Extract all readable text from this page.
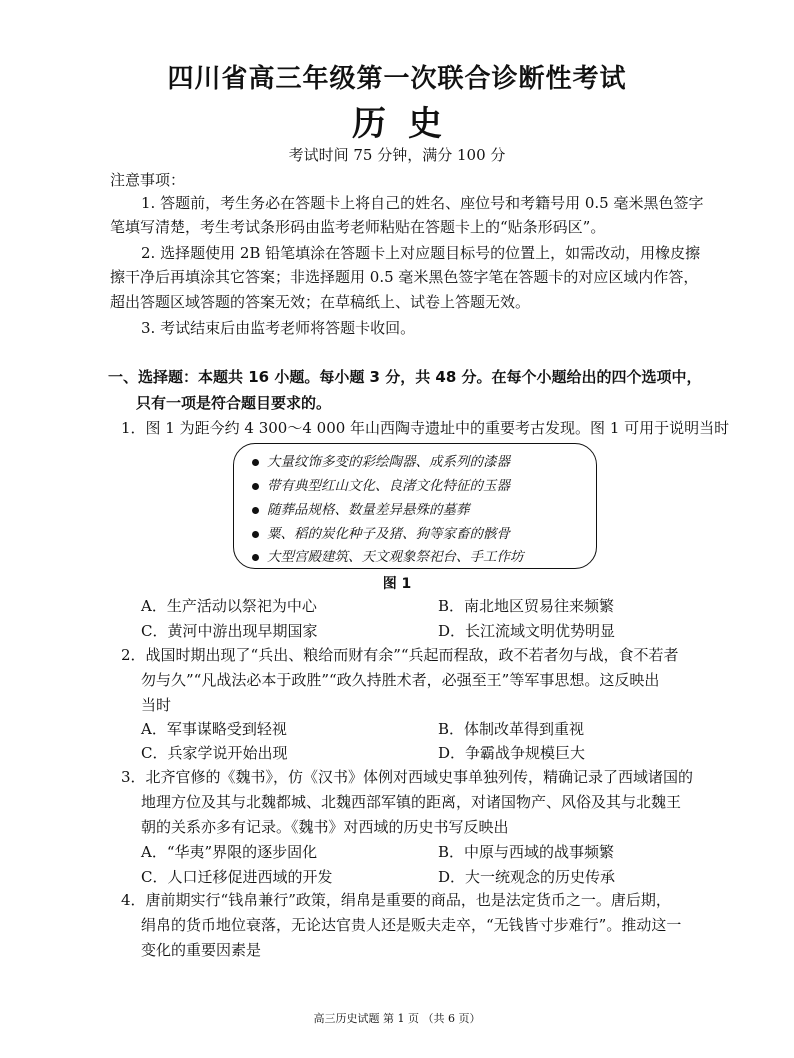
四川省高三年级第一次联合诊断性考试
历史
考试时间 75 分钟，满分 100 分
注意事项：
1. 答题前，考生务必在答题卡上将自己的姓名、座位号和考籍号用 0.5 毫米黑色签字
笔填写清楚，考生考试条形码由监考老师粘贴在答题卡上的“贴条形码区”。
2. 选择题使用 2B 铅笔填涂在答题卡上对应题目标号的位置上，如需改动，用橡皮擦
擦干净后再填涂其它答案；非选择题用 0.5 毫米黑色签字笔在答题卡的对应区域内作答，
超出答题区域答题的答案无效；在草稿纸上、试卷上答题无效。
3. 考试结束后由监考老师将答题卡收回。
一、选择题：本题共 16 小题。每小题 3 分，共 48 分。在每个小题给出的四个选项中，
只有一项是符合题目要求的。
1．图 1 为距今约 4 300～4 000 年山西陶寺遗址中的重要考古发现。图 1 可用于说明当时
大量纹饰多变的彩绘陶器、成系列的漆器
带有典型红山文化、良渚文化特征的玉器
随葬品规格、数量差异悬殊的墓葬
粟、稻的炭化种子及猪、狗等家畜的骸骨
大型宫殿建筑、天文观象祭祀台、手工作坊
图 1
A．生产活动以祭祀为中心	B．南北地区贸易往来频繁
C．黄河中游出现早期国家	D．长江流域文明优势明显
2．战国时期出现了“兵出、粮给而财有余”“兵起而程敌，政不若者勿与战，食不若者
勿与久”“凡战法必本于政胜”“政久持胜术者，必强至王”等军事思想。这反映出
当时
A．军事谋略受到轻视	B．体制改革得到重视
C．兵家学说开始出现	D．争霸战争规模巨大
3．北齐官修的《魏书》，仿《汉书》体例对西域史事单独列传，精确记录了西域诸国的
地理方位及其与北魏都城、北魏西部军镇的距离，对诸国物产、风俗及其与北魏王
朝的关系亦多有记录。《魏书》对西域的历史书写反映出
A．“华夷”界限的逐步固化	B．中原与西域的战事频繁
C．人口迁移促进西域的开发	D．大一统观念的历史传承
4．唐前期实行“钱帛兼行”政策，绢帛是重要的商品，也是法定货币之一。唐后期，
绢帛的货币地位衰落，无论达官贵人还是贩夫走卒，“无钱皆寸步难行”。推动这一
变化的重要因素是
高三历史试题 第 1 页 （共 6 页）
